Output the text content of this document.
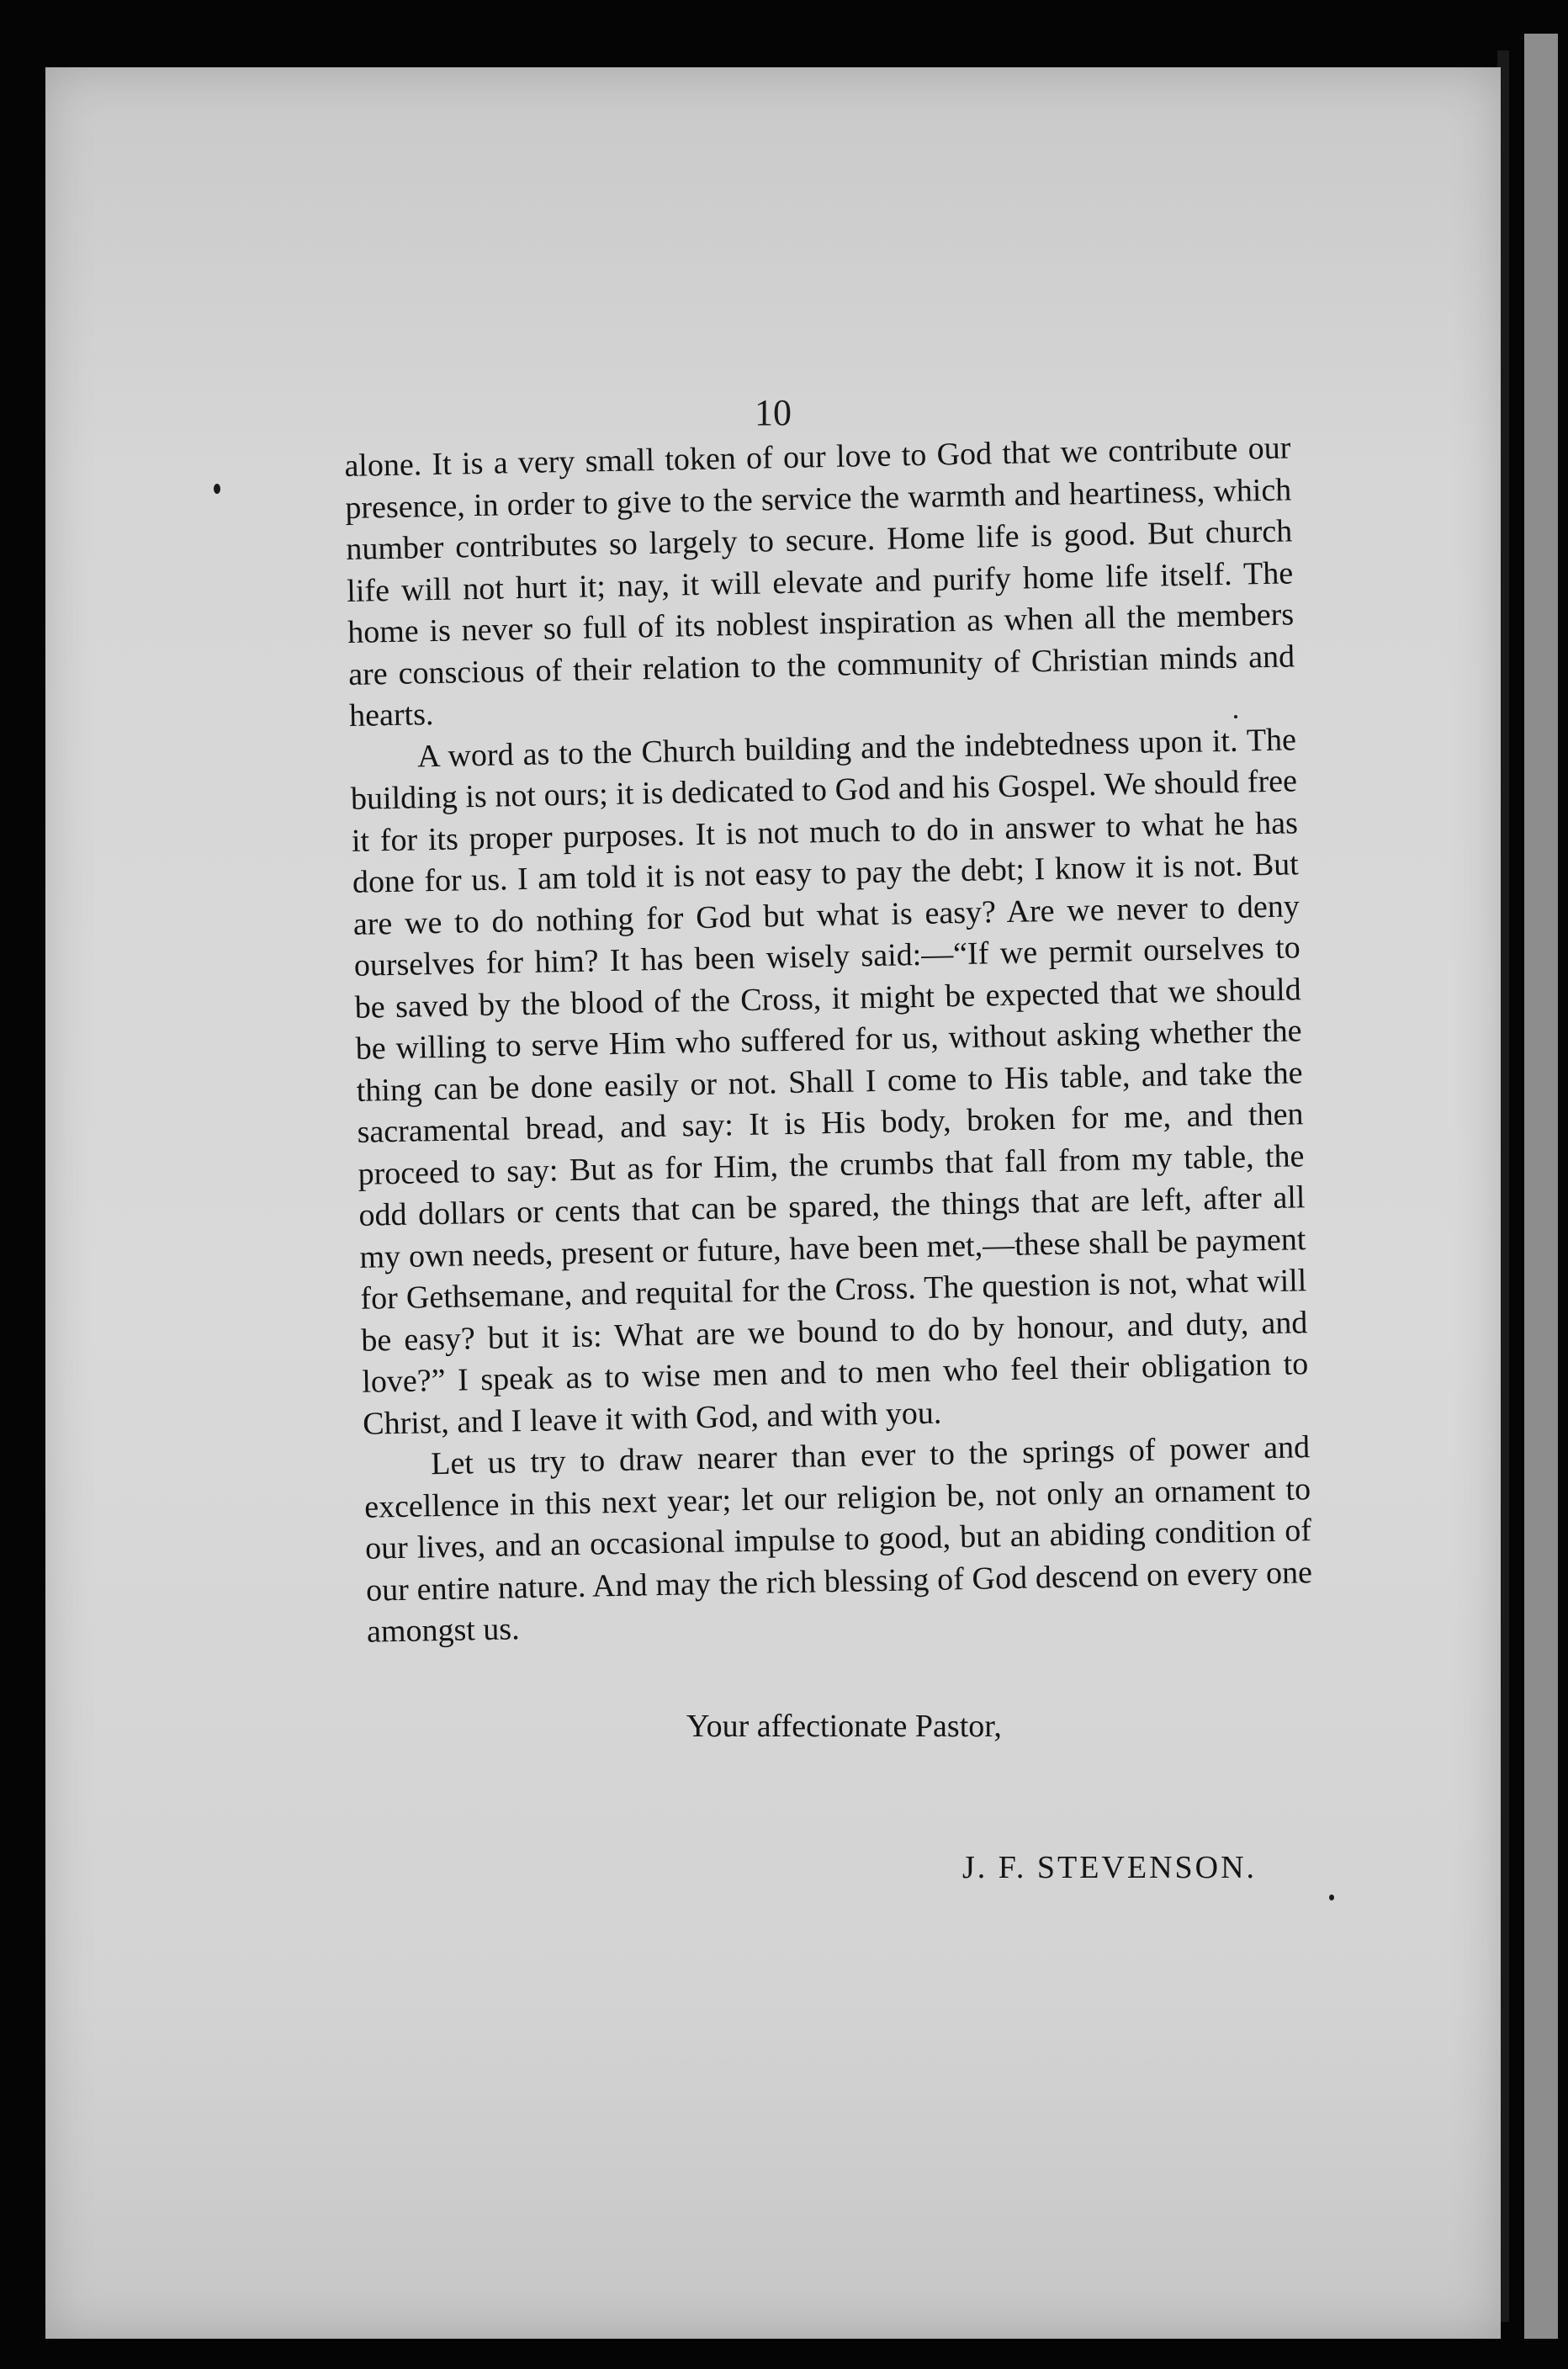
10

alone. It is a very small token of our love to God that we contribute our presence, in order to give to the service the warmth and heartiness, which number contributes so largely to secure. Home life is good. But church life will not hurt it; nay, it will elevate and purify home life itself. The home is never so full of its noblest inspiration as when all the members are conscious of their relation to the community of Christian minds and hearts.

A word as to the Church building and the indebtedness upon it. The building is not ours; it is dedicated to God and his Gospel. We should free it for its proper purposes. It is not much to do in answer to what he has done for us. I am told it is not easy to pay the debt; I know it is not. But are we to do nothing for God but what is easy? Are we never to deny ourselves for him? It has been wisely said:—“If we permit ourselves to be saved by the blood of the Cross, it might be expected that we should be willing to serve Him who suffered for us, without asking whether the thing can be done easily or not. Shall I come to His table, and take the sacramental bread, and say: It is His body, broken for me, and then proceed to say: But as for Him, the crumbs that fall from my table, the odd dollars or cents that can be spared, the things that are left, after all my own needs, present or future, have been met,—these shall be payment for Gethsemane, and requital for the Cross. The question is not, what will be easy? but it is: What are we bound to do by honour, and duty, and love?” I speak as to wise men and to men who feel their obligation to Christ, and I leave it with God, and with you.

Let us try to draw nearer than ever to the springs of power and excellence in this next year; let our religion be, not only an ornament to our lives, and an occasional impulse to good, but an abiding condition of our entire nature. And may the rich blessing of God descend on every one amongst us.

Your affectionate Pastor,
J. F. STEVENSON.
